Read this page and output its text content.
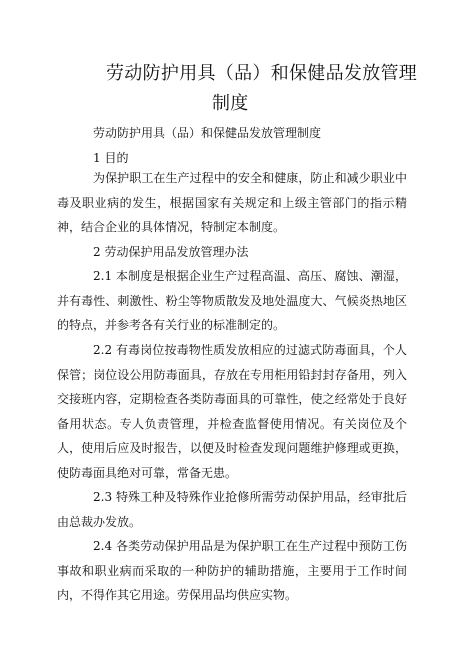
劳动防护用具（品）和保健品发放管理
制度

劳动防护用具（品）和保健品发放管理制度

1 目的

为保护职工在生产过程中的安全和健康，防止和减少职业中毒及职业病的发生，根据国家有关规定和上级主管部门的指示精神，结合企业的具体情况，特制定本制度。

2 劳动保护用品发放管理办法

2.1 本制度是根据企业生产过程高温、高压、腐蚀、潮湿，并有毒性、刺激性、粉尘等物质散发及地处温度大、气候炎热地区的特点，并参考各有关行业的标准制定的。

2.2 有毒岗位按毒物性质发放相应的过滤式防毒面具，个人保管；岗位设公用防毒面具，存放在专用柜用铅封封存备用，列入交接班内容，定期检查各类防毒面具的可靠性，使之经常处于良好备用状态。专人负责管理，并检查监督使用情况。有关岗位及个人，使用后应及时报告，以便及时检查发现问题维护修理或更换，使防毒面具绝对可靠，常备无患。

2.3 特殊工种及特殊作业抢修所需劳动保护用品，经审批后由总裁办发放。

2.4 各类劳动保护用品是为保护职工在生产过程中预防工伤事故和职业病而采取的一种防护的辅助措施，主要用于工作时间内，不得作其它用途。劳保用品均供应实物。
